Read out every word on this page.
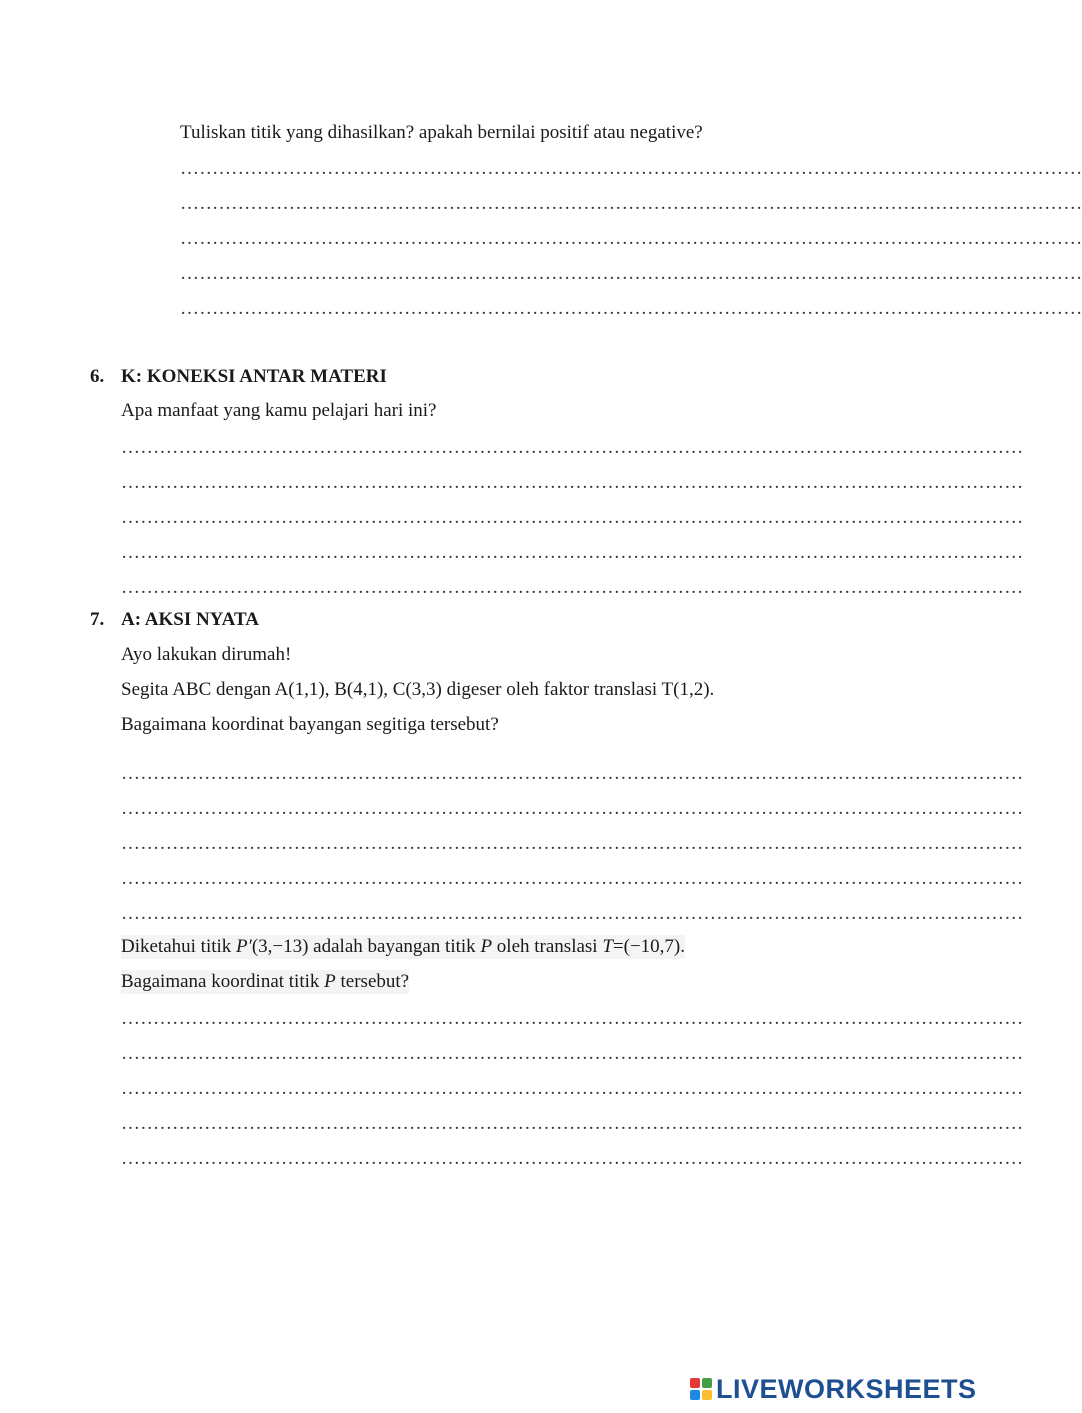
Tuliskan titik yang dihasilkan? apakah bernilai positif atau negative?
……………………………………………………………………………………………………………………………
……………………………………………………………………………………………………………………………
……………………………………………………………………………………………………………………………
……………………………………………………………………………………………………………………………
……………………………………………………………………………………………………………………………
6. K: KONEKSI ANTAR MATERI
Apa manfaat yang kamu pelajari hari ini?
……………………………………………………………………………………………………………………………
……………………………………………………………………………………………………………………………
……………………………………………………………………………………………………………………………
……………………………………………………………………………………………………………………………
……………………………………………………………………………………………………………………………
7. A: AKSI NYATA
Ayo lakukan dirumah!
Segita ABC dengan A(1,1), B(4,1), C(3,3) digeser oleh faktor translasi T(1,2).
Bagaimana koordinat bayangan segitiga tersebut?
……………………………………………………………………………………………………………………………
……………………………………………………………………………………………………………………………
……………………………………………………………………………………………………………………………
……………………………………………………………………………………………………………………………
……………………………………………………………………………………………………………………………
Diketahui titik P′(3,−13) adalah bayangan titik P oleh translasi T=(−10,7).
Bagaimana koordinat titik P tersebut?
……………………………………………………………………………………………………………………………
……………………………………………………………………………………………………………………………
……………………………………………………………………………………………………………………………
……………………………………………………………………………………………………………………………
……………………………………………………………………………………………………………………………
LIVEWORKSHEETS
